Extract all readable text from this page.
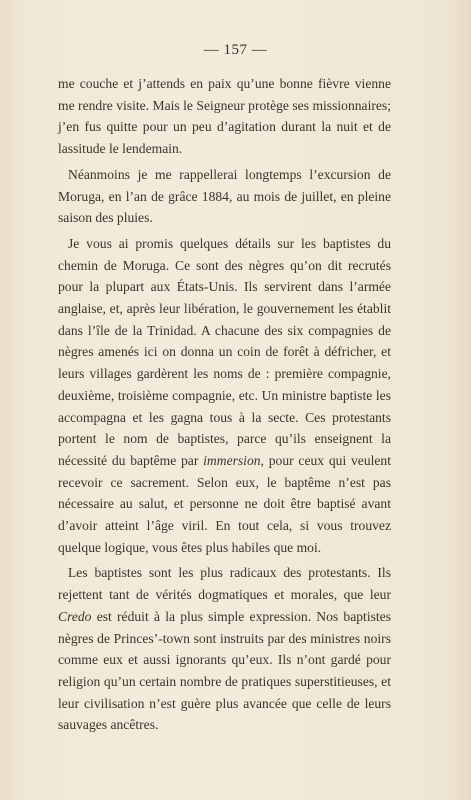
— 157 —

me couche et j’attends en paix qu’une bonne fièvre vienne me rendre visite. Mais le Seigneur protège ses missionnaires; j’en fus quitte pour un peu d’agitation durant la nuit et de lassitude le lendemain.

Néanmoins je me rappellerai longtemps l’excursion de Moruga, en l’an de grâce 1884, au mois de juillet, en pleine saison des pluies.

Je vous ai promis quelques détails sur les baptistes du chemin de Moruga. Ce sont des nègres qu’on dit recrutés pour la plupart aux États-Unis. Ils servirent dans l’armée anglaise, et, après leur libération, le gouvernement les établit dans l’île de la Trinidad. A chacune des six compagnies de nègres amenés ici on donna un coin de forêt à défricher, et leurs villages gardèrent les noms de : première compagnie, deuxième, troisième compagnie, etc. Un ministre baptiste les accompagna et les gagna tous à la secte. Ces protestants portent le nom de baptistes, parce qu’ils enseignent la nécessité du baptême par immersion, pour ceux qui veulent recevoir ce sacrement. Selon eux, le baptême n’est pas nécessaire au salut, et personne ne doit être baptisé avant d’avoir atteint l’âge viril. En tout cela, si vous trouvez quelque logique, vous êtes plus habiles que moi.

Les baptistes sont les plus radicaux des protestants. Ils rejettent tant de vérités dogmatiques et morales, que leur Credo est réduit à la plus simple expression. Nos baptistes nègres de Princes’-town sont instruits par des ministres noirs comme eux et aussi ignorants qu’eux. Ils n’ont gardé pour religion qu’un certain nombre de pratiques superstitieuses, et leur civilisation n’est guère plus avancée que celle de leurs sauvages ancêtres.
